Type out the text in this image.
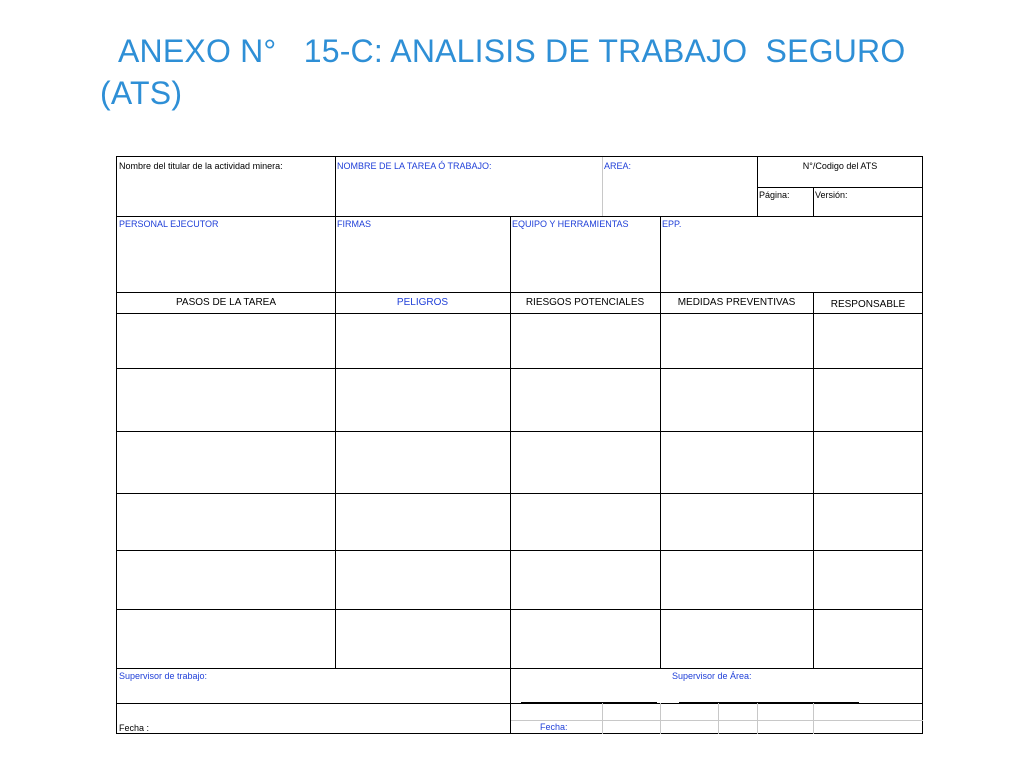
ANEXO N°   15-C: ANALISIS DE TRABAJO  SEGURO
(ATS)
Nombre del titular de la actividad minera:	NOMBRE DE LA TAREA Ó TRABAJO:	AREA:	N°/Codigo del ATS
Página:	Versión:
PERSONAL EJECUTOR	FIRMAS	EQUIPO Y HERRAMIENTAS	EPP.
PASOS DE LA TAREA	PELIGROS	RIESGOS POTENCIALES	MEDIDAS PREVENTIVAS	RESPONSABLE
Supervisor de trabajo:	Supervisor de Área:
Fecha :	Fecha:
